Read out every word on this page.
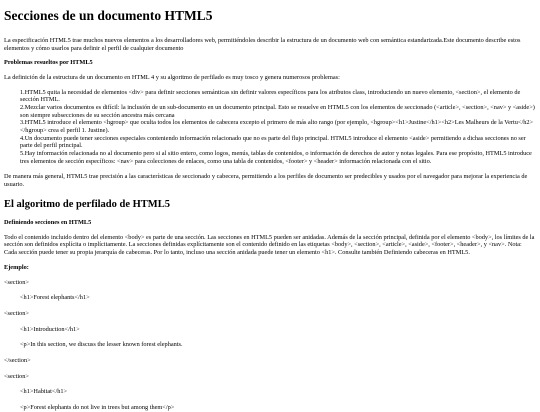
Secciones de un documento HTML5

La especificación HTML5 trae muchos nuevos elementos a los desarrolladores web, permitiéndoles describir la estructura de un documento web con semántica estandarizada.Este documento describe estos elementos y cómo usarlos para definir el perfil de cualquier documento

Problemas resueltos por HTML5

La definición de la estructura de un documento en HTML 4 y su algoritmo de perfilado es muy tosco y genera numerosos problemas:

1.HTML5 quita la necesidad de elementos <div> para definir secciones semánticas sin definir valores específicos para los atributos class, introduciendo un nuevo elemento, <section>, el elemento de sección HTML.
2.Mezclar varios documentos es difícil: la inclusión de un sub-documento en un documento principal. Esto se resuelve en HTML5 con los elementos de seccionado (<article>, <section>, <nav> y <aside>) son siempre subsecciones de su sección ancestra más cercana
3.HTML5 introduce el elemento <hgroup> que oculta todos los elementos de cabecera excepto el primero de más alto rango (por ejemplo, <hgroup><h1>Justine</h1><h2>Les Malheurs de la Vertu</h2></hgroup> crea el perfil 1. Justine).
4.Un documento puede tener secciones especiales conteniendo información relacionado que no es parte del flujo principal. HTML5 introduce el elemento <aside> permitiendo a dichas secciones no ser parte del perfil principal.
5.Hay información relacionada no al documento pero si al sitio entero, como logos, menús, tablas de contenidos, o información de derechos de autor y notas legales. Para ese propósito, HTML5 introduce tres elementos de sección específicos: <nav> para colecciones de enlaces, como una tabla de contenidos, <footer> y <header> información relacionada con el sitio.

De manera más general, HTML5 trae precisión a las características de seccionado y cabecera, permitiendo a los perfiles de documento ser predecibles y usados por el navegador para mejorar la experiencia de usuario.

El algoritmo de perfilado de HTML5

Definiendo secciones en HTML5

Todo el contenido incluido dentro del elemento <body> es parte de una sección. Las secciones en HTML5 pueden ser anidadas. Además de la sección principal, definida por el elemento <body>, los límites de la sección son definidos explícita o implícitamente. La secciones definidas explícitamente son el contenido definido en las etiquetas <body>, <section>, <article>, <aside>, <footer>, <header>, y <nav>. Nota: Cada sección puede tener su propia jerarquía de cabeceras. Por lo tanto, incluso una sección anidada puede tener un elemento <h1>. Consulte también Definiendo cabeceras en HTML5.

Ejemplo:

<section>
<h1>Forest elephants</h1>
<section>
<h1>Introduction</h1>
<p>In this section, we discuss the lesser known forest elephants.
</section>
<section>
<h1>Habitat</h1>
<p>Forest elephants do not live in trees but among them</p>
